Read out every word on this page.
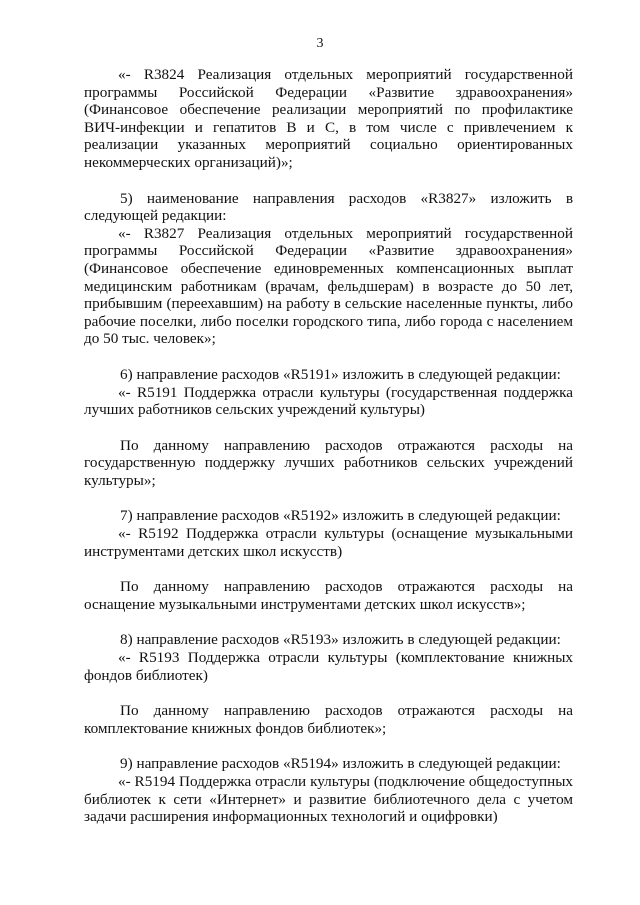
3

«- R3824 Реализация отдельных мероприятий государственной программы Российской Федерации «Развитие здравоохранения» (Финансовое обеспечение реализации мероприятий по профилактике ВИЧ-инфекции и гепатитов В и С, в том числе с привлечением к реализации указанных мероприятий социально ориентированных некоммерческих организаций)»;

5) наименование направления расходов «R3827» изложить в следующей редакции:

«- R3827 Реализация отдельных мероприятий государственной программы Российской Федерации «Развитие здравоохранения» (Финансовое обеспечение единовременных компенсационных выплат медицинским работникам (врачам, фельдшерам) в возрасте до 50 лет, прибывшим (переехавшим) на работу в сельские населенные пункты, либо рабочие поселки, либо поселки городского типа, либо города с населением до 50 тыс. человек»;

6) направление расходов «R5191» изложить в следующей редакции:

«- R5191 Поддержка отрасли культуры (государственная поддержка лучших работников сельских учреждений культуры)

По данному направлению расходов отражаются расходы на государственную поддержку лучших работников сельских учреждений культуры»;

7) направление расходов «R5192» изложить в следующей редакции:

«- R5192 Поддержка отрасли культуры (оснащение музыкальными инструментами детских школ искусств)

По данному направлению расходов отражаются расходы на оснащение музыкальными инструментами детских школ искусств»;

8) направление расходов «R5193» изложить в следующей редакции:

«- R5193 Поддержка отрасли культуры (комплектование книжных фондов библиотек)

По данному направлению расходов отражаются расходы на комплектование книжных фондов библиотек»;

9) направление расходов «R5194» изложить в следующей редакции:

«- R5194 Поддержка отрасли культуры (подключение общедоступных библиотек к сети «Интернет» и развитие библиотечного дела с учетом задачи расширения информационных технологий и оцифровки)
